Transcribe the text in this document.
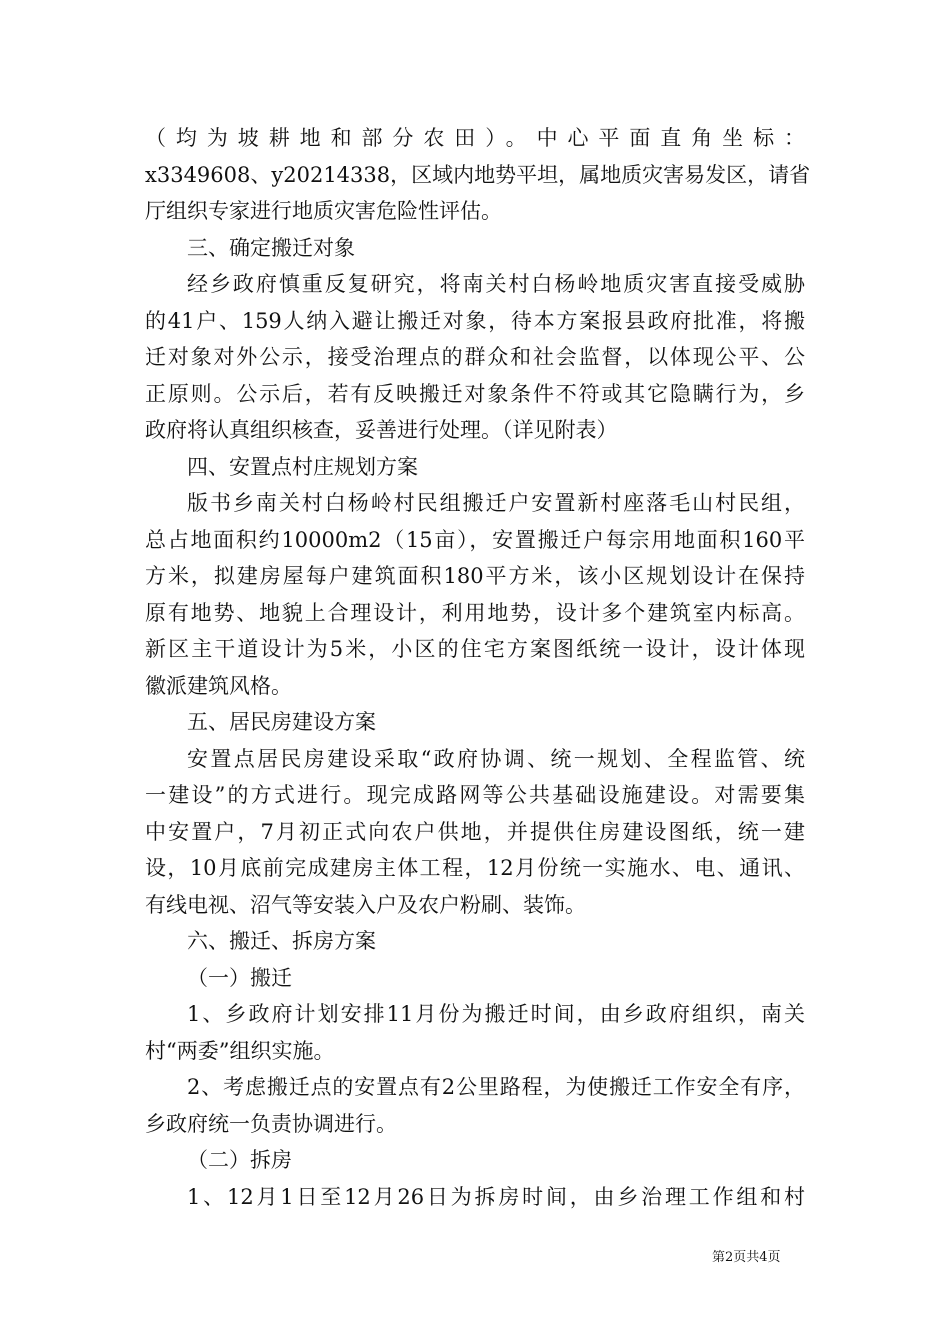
（均为坡耕地和部分农田）。中心平面直角坐标：

x3349608、y20214338，区域内地势平坦，属地质灾害易发区，请省

厅组织专家进行地质灾害危险性评估。

三、确定搬迁对象

经乡政府慎重反复研究，将南关村白杨岭地质灾害直接受威胁

的41户、159人纳入避让搬迁对象，待本方案报县政府批准，将搬

迁对象对外公示，接受治理点的群众和社会监督，以体现公平、公

正原则。公示后，若有反映搬迁对象条件不符或其它隐瞒行为，乡

政府将认真组织核查，妥善进行处理。（详见附表）

四、安置点村庄规划方案

版书乡南关村白杨岭村民组搬迁户安置新村座落毛山村民组，

总占地面积约10000m2（15亩），安置搬迁户每宗用地面积160平

方米，拟建房屋每户建筑面积180平方米，该小区规划设计在保持

原有地势、地貌上合理设计，利用地势，设计多个建筑室内标高。

新区主干道设计为5米，小区的住宅方案图纸统一设计，设计体现

徽派建筑风格。

五、居民房建设方案

安置点居民房建设采取“政府协调、统一规划、全程监管、统

一建设”的方式进行。现完成路网等公共基础设施建设。对需要集

中安置户，7月初正式向农户供地，并提供住房建设图纸，统一建

设，10月底前完成建房主体工程，12月份统一实施水、电、通讯、

有线电视、沼气等安装入户及农户粉刷、装饰。

六、搬迁、拆房方案

（一）搬迁

1、乡政府计划安排11月份为搬迁时间，由乡政府组织，南关

村“两委”组织实施。

2、考虑搬迁点的安置点有2公里路程，为使搬迁工作安全有序，

乡政府统一负责协调进行。

（二）拆房

1、12月1日至12月26日为拆房时间，由乡治理工作组和村

第2页共4页
